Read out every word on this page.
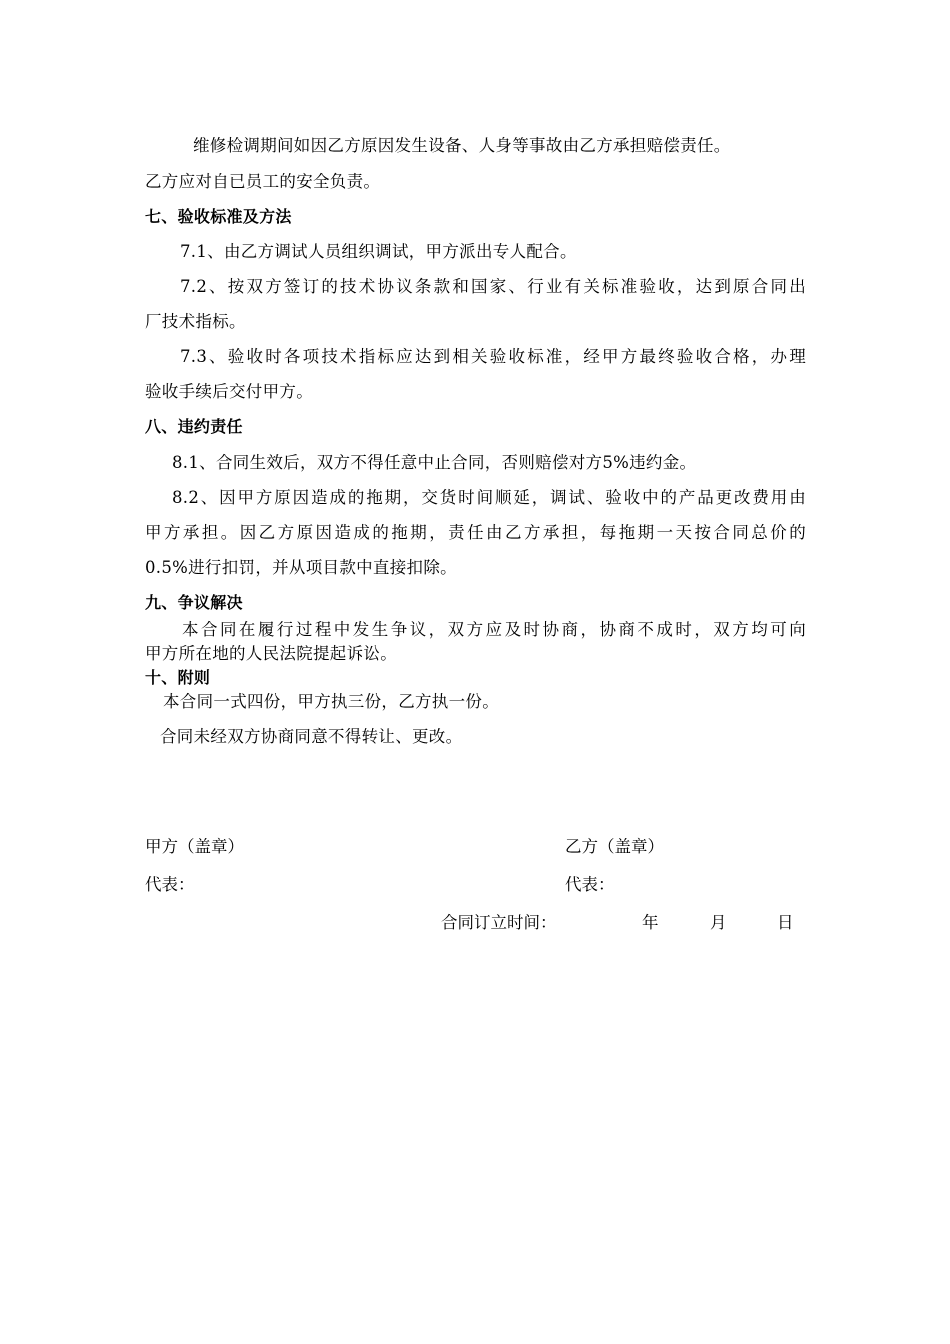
维修检调期间如因乙方原因发生设备、人身等事故由乙方承担赔偿责任。
乙方应对自已员工的安全负责。
七、验收标准及方法
7.1、由乙方调试人员组织调试，甲方派出专人配合。
7.2、按双方签订的技术协议条款和国家、行业有关标准验收，达到原合同出
厂技术指标。
7.3、验收时各项技术指标应达到相关验收标准，经甲方最终验收合格，办理
验收手续后交付甲方。
八、违约责任
8.1、合同生效后，双方不得任意中止合同，否则赔偿对方5%违约金。
8.2、因甲方原因造成的拖期，交货时间顺延，调试、验收中的产品更改费用由
甲方承担。因乙方原因造成的拖期，责任由乙方承担，每拖期一天按合同总价的
0.5%进行扣罚，并从项目款中直接扣除。
九、争议解决
本合同在履行过程中发生争议，双方应及时协商，协商不成时，双方均可向
甲方所在地的人民法院提起诉讼。
十、附则
本合同一式四份，甲方执三份，乙方执一份。
合同未经双方协商同意不得转让、更改。
甲方（盖章）	乙方（盖章）
代表：	代表：
合同订立时间：	年	月	日
